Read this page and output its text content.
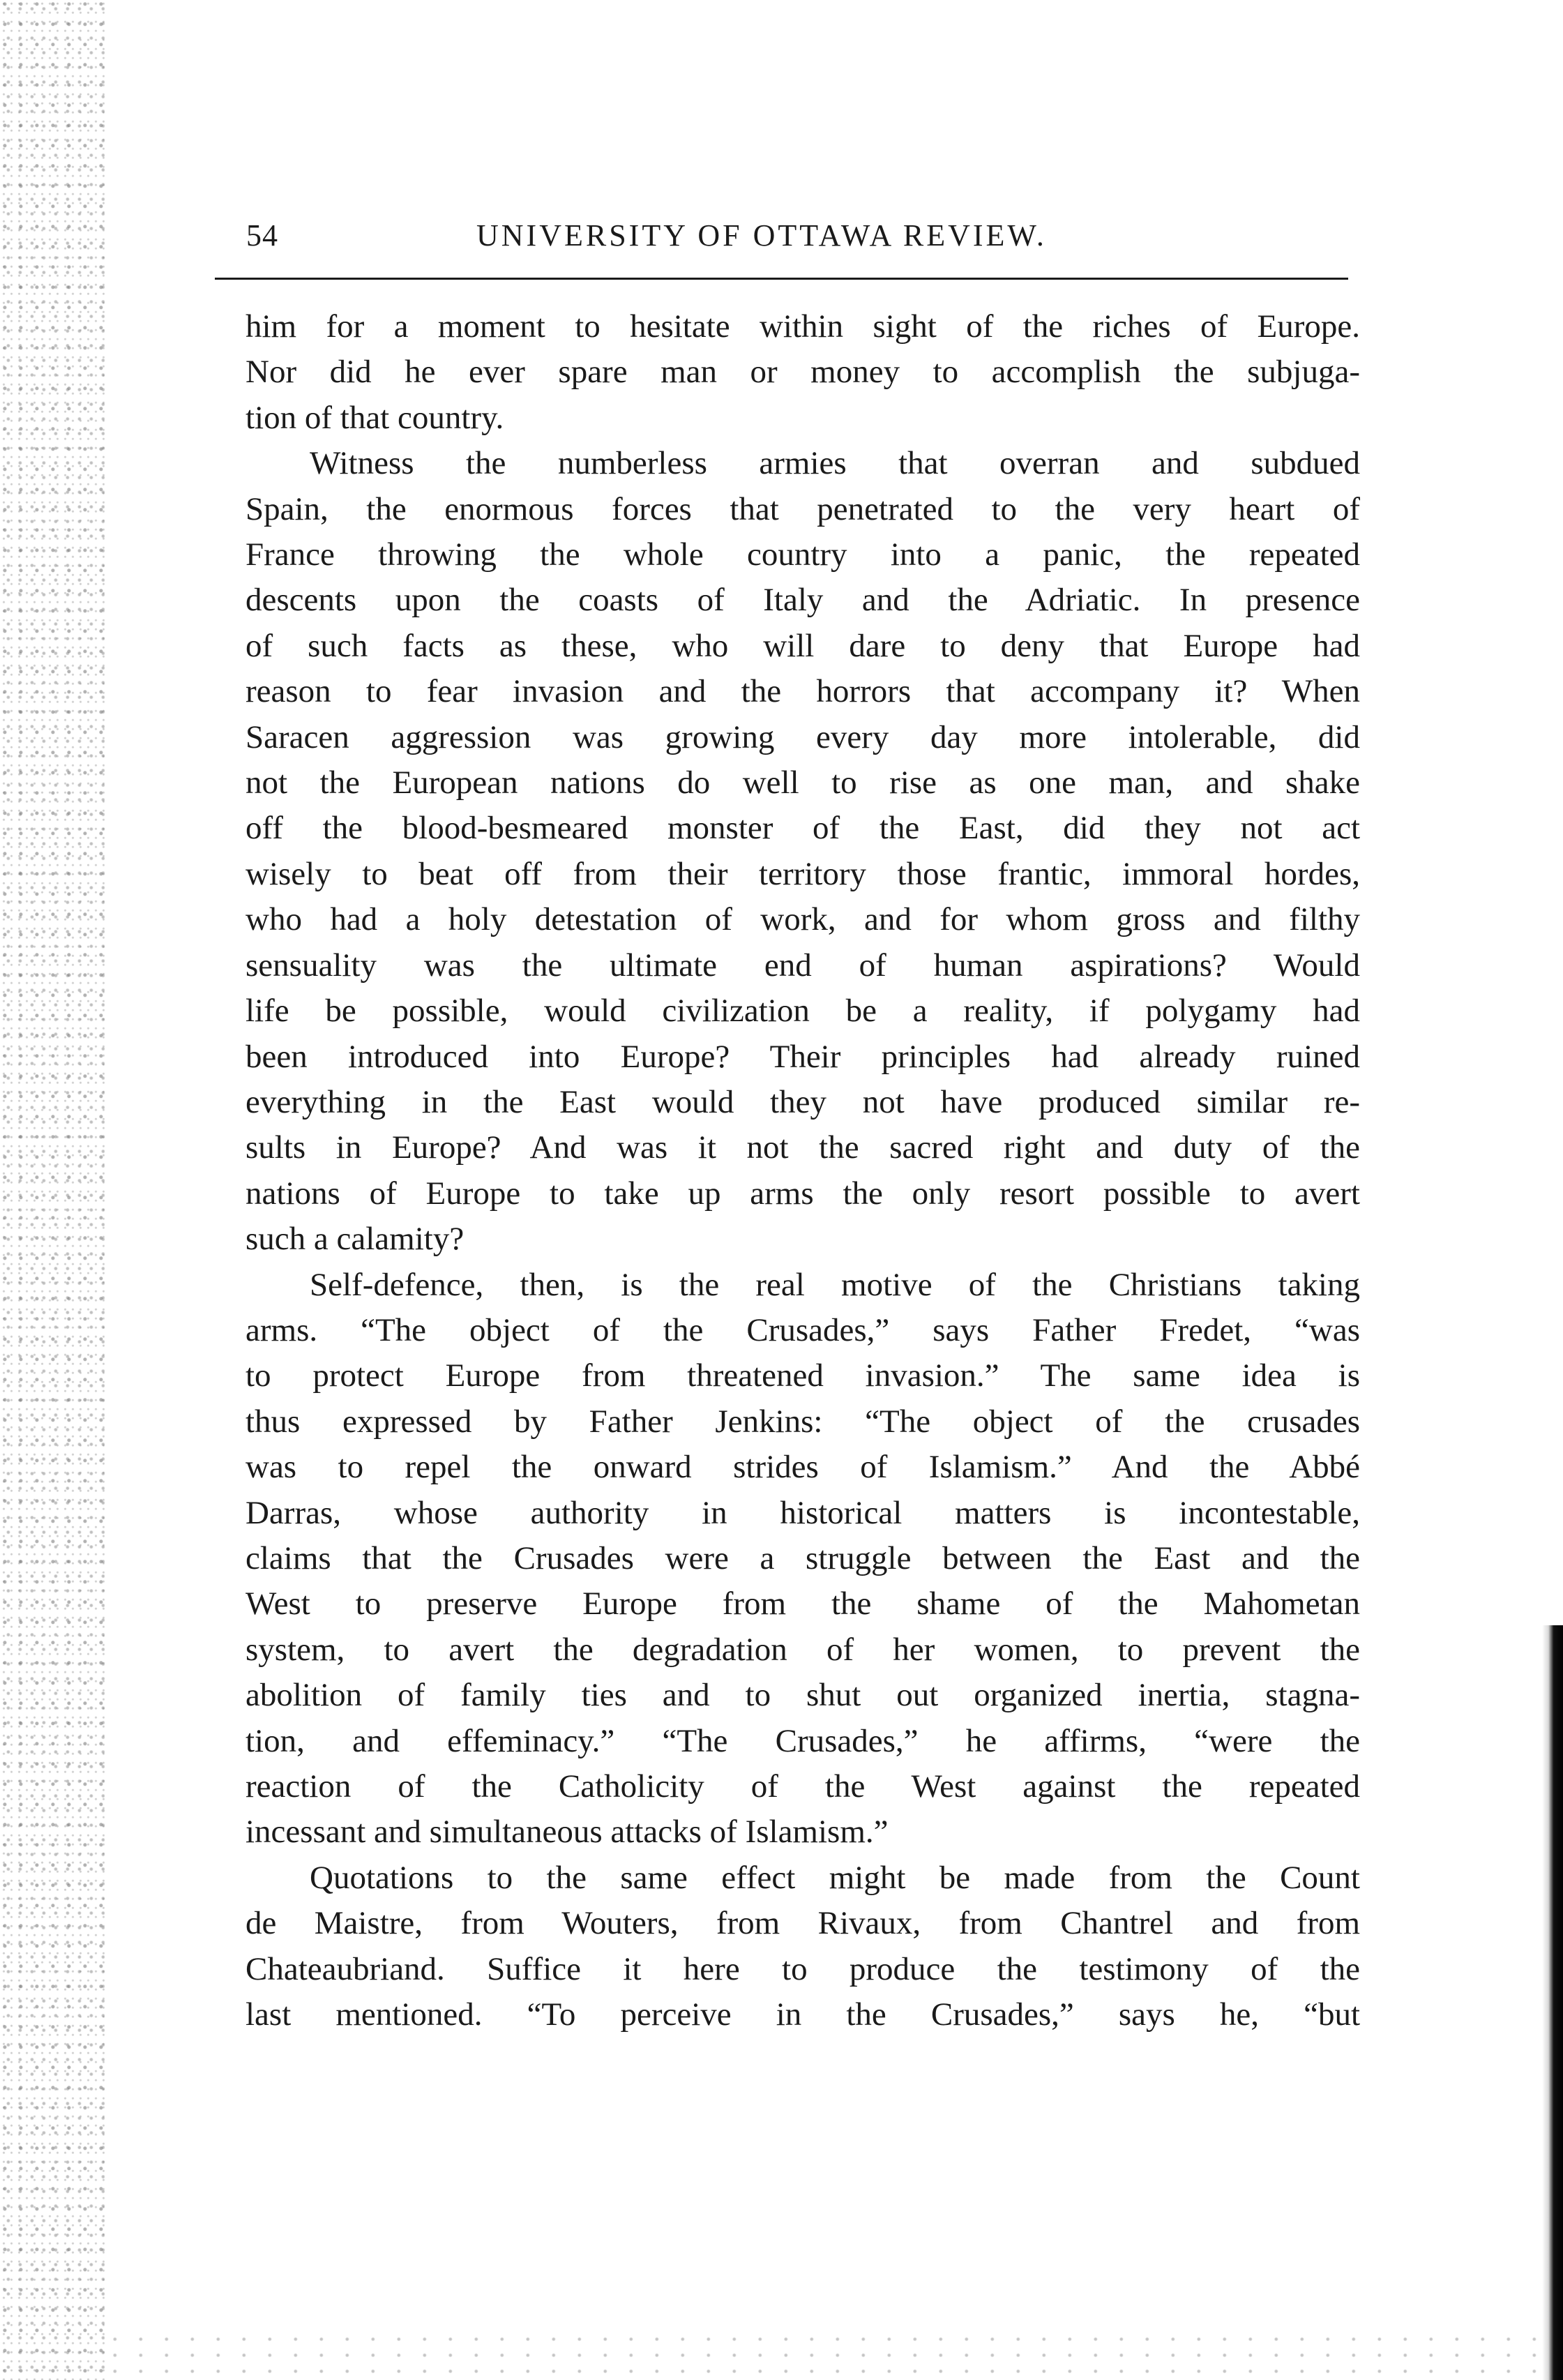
54	UNIVERSITY OF OTTAWA REVIEW.
him for a moment to hesitate within sight of the riches of Europe.
Nor did he ever spare man or money to accomplish the subjuga-
tion of that country.
Witness the numberless armies that overran and subdued
Spain, the enormous forces that penetrated to the very heart of
France throwing the whole country into a panic, the repeated
descents upon the coasts of Italy and the Adriatic. In presence
of such facts as these, who will dare to deny that Europe had
reason to fear invasion and the horrors that accompany it? When
Saracen aggression was growing every day more intolerable, did
not the European nations do well to rise as one man, and shake
off the blood-besmeared monster of the East, did they not act
wisely to beat off from their territory those frantic, immoral hordes,
who had a holy detestation of work, and for whom gross and filthy
sensuality was the ultimate end of human aspirations? Would
life be possible, would civilization be a reality, if polygamy had
been introduced into Europe? Their principles had already ruined
everything in the East would they not have produced similar re-
sults in Europe? And was it not the sacred right and duty of the
nations of Europe to take up arms the only resort possible to avert
such a calamity?
Self-defence, then, is the real motive of the Christians taking
arms. “The object of the Crusades,” says Father Fredet, “was
to protect Europe from threatened invasion.” The same idea is
thus expressed by Father Jenkins: “The object of the crusades
was to repel the onward strides of Islamism.” And the Abbé
Darras, whose authority in historical matters is incontestable,
claims that the Crusades were a struggle between the East and the
West to preserve Europe from the shame of the Mahometan
system, to avert the degradation of her women, to prevent the
abolition of family ties and to shut out organized inertia, stagna-
tion, and effeminacy.” “The Crusades,” he affirms, “were the
reaction of the Catholicity of the West against the repeated
incessant and simultaneous attacks of Islamism.”
Quotations to the same effect might be made from the Count
de Maistre, from Wouters, from Rivaux, from Chantrel and from
Chateaubriand. Suffice it here to produce the testimony of the
last mentioned. “To perceive in the Crusades,” says he, “but
